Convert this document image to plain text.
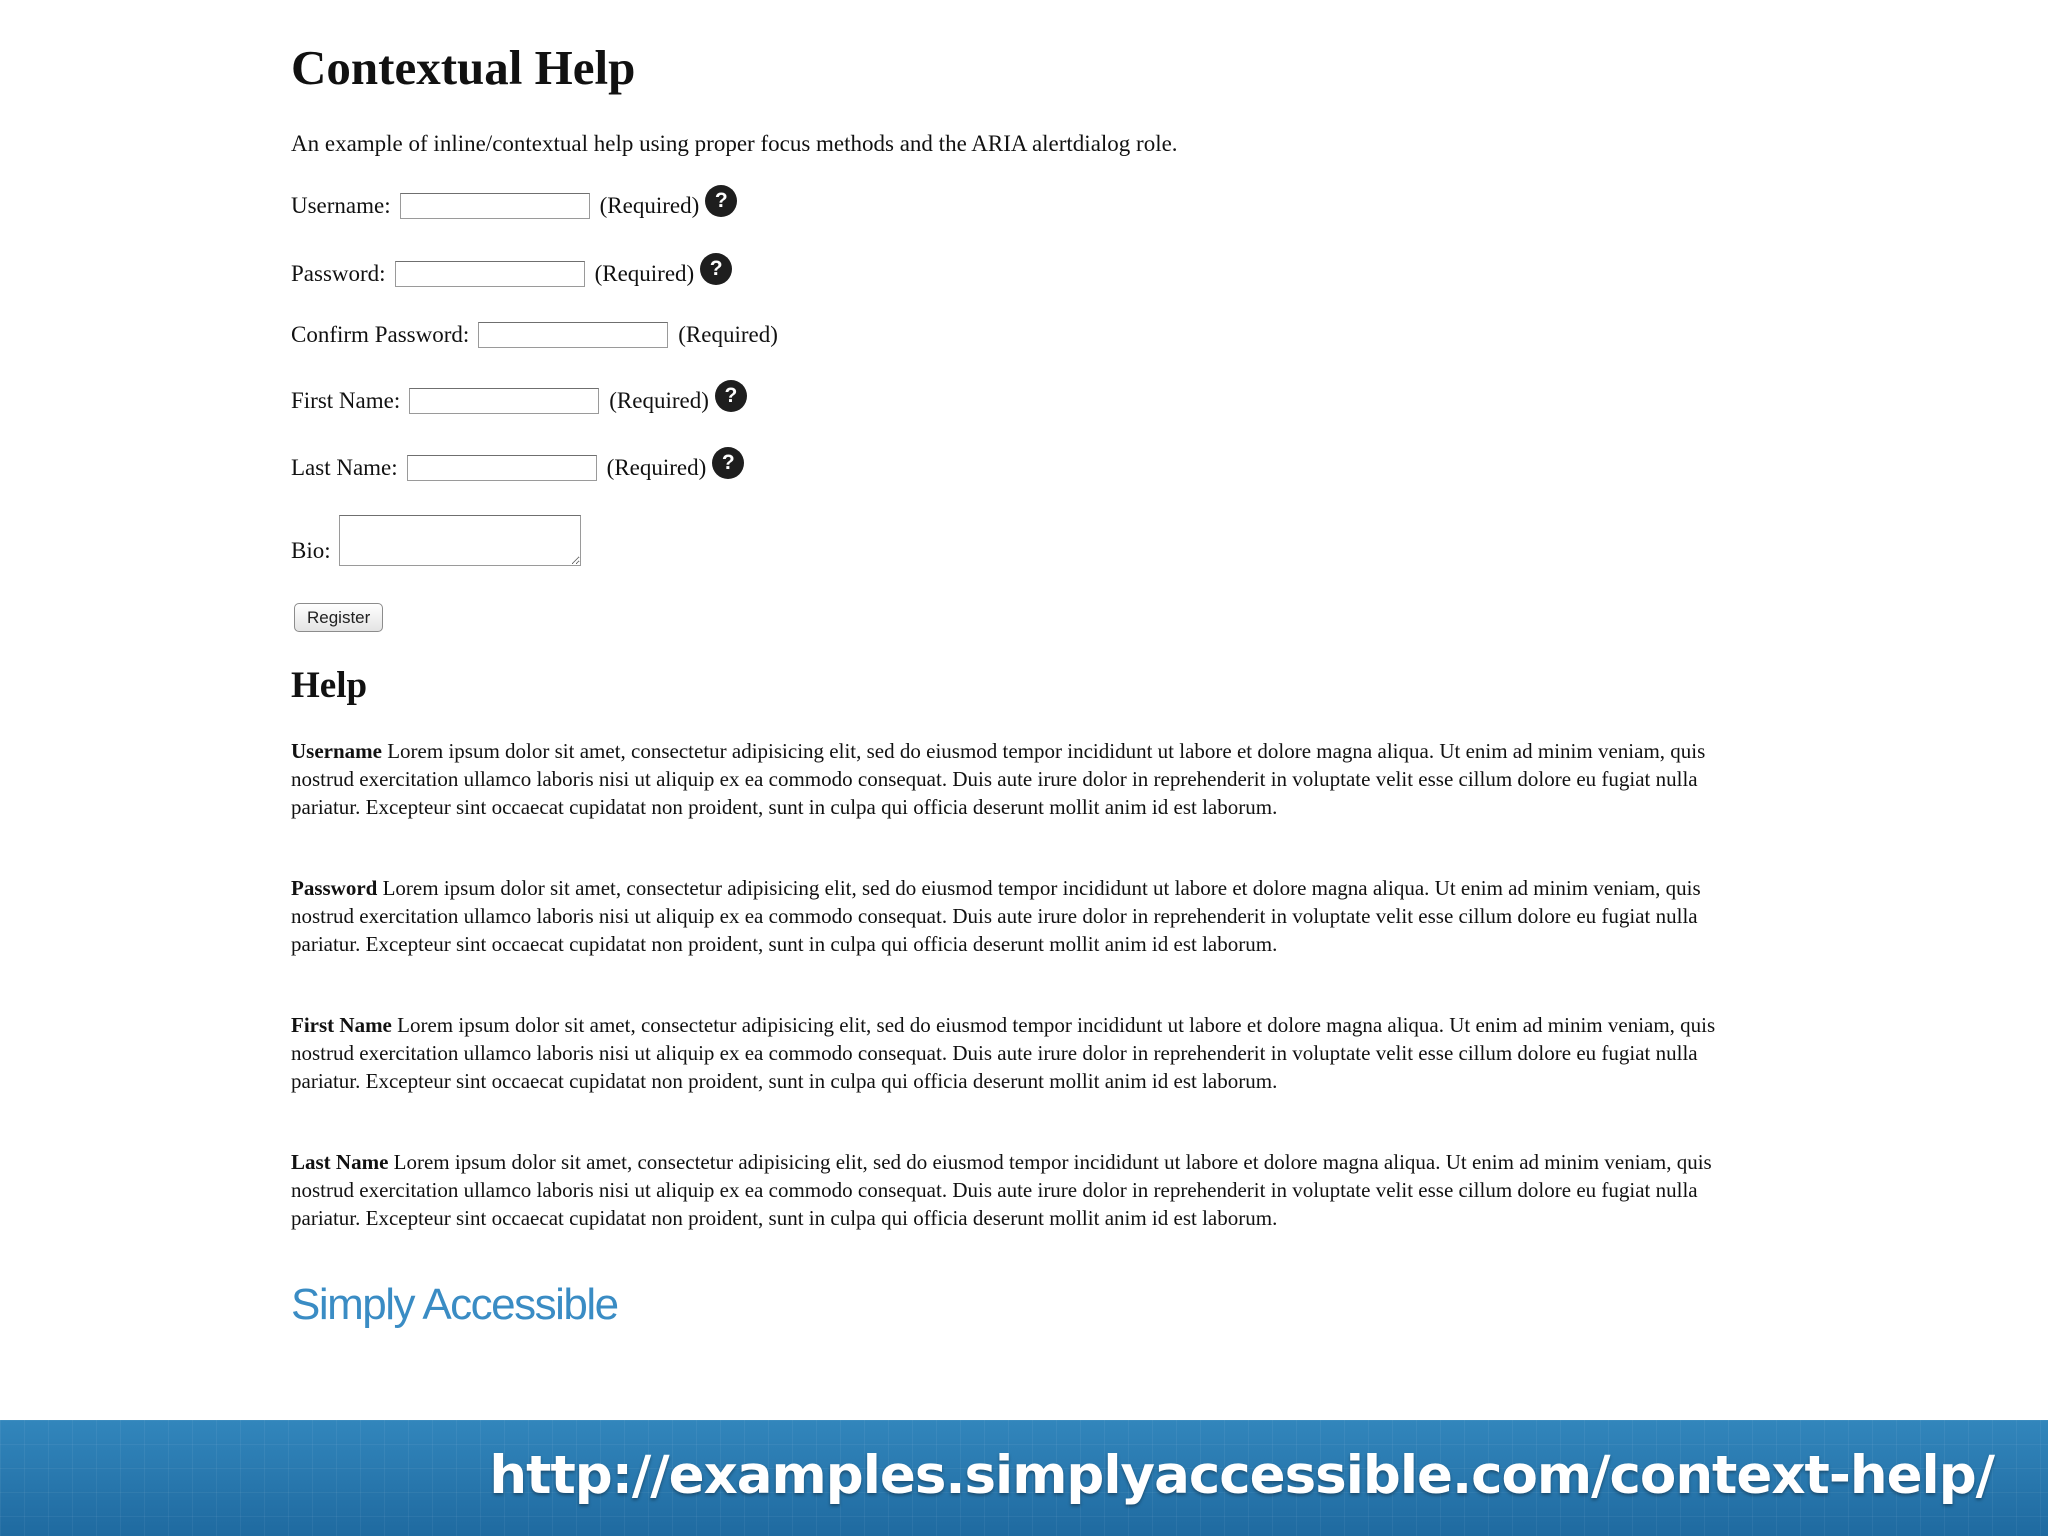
Contextual Help

An example of inline/contextual help using proper focus methods and the ARIA alertdialog role.

Username:	(Required) ?
Password:	(Required) ?
Confirm Password:	(Required)
First Name:	(Required) ?
Last Name:	(Required) ?
Bio:
Register
Help

Username Lorem ipsum dolor sit amet, consectetur adipisicing elit, sed do eiusmod tempor incididunt ut labore et dolore magna aliqua. Ut enim ad minim veniam, quis nostrud exercitation ullamco laboris nisi ut aliquip ex ea commodo consequat. Duis aute irure dolor in reprehenderit in voluptate velit esse cillum dolore eu fugiat nulla pariatur. Excepteur sint occaecat cupidatat non proident, sunt in culpa qui officia deserunt mollit anim id est laborum.

Password Lorem ipsum dolor sit amet, consectetur adipisicing elit, sed do eiusmod tempor incididunt ut labore et dolore magna aliqua. Ut enim ad minim veniam, quis nostrud exercitation ullamco laboris nisi ut aliquip ex ea commodo consequat. Duis aute irure dolor in reprehenderit in voluptate velit esse cillum dolore eu fugiat nulla pariatur. Excepteur sint occaecat cupidatat non proident, sunt in culpa qui officia deserunt mollit anim id est laborum.

First Name Lorem ipsum dolor sit amet, consectetur adipisicing elit, sed do eiusmod tempor incididunt ut labore et dolore magna aliqua. Ut enim ad minim veniam, quis nostrud exercitation ullamco laboris nisi ut aliquip ex ea commodo consequat. Duis aute irure dolor in reprehenderit in voluptate velit esse cillum dolore eu fugiat nulla pariatur. Excepteur sint occaecat cupidatat non proident, sunt in culpa qui officia deserunt mollit anim id est laborum.

Last Name Lorem ipsum dolor sit amet, consectetur adipisicing elit, sed do eiusmod tempor incididunt ut labore et dolore magna aliqua. Ut enim ad minim veniam, quis nostrud exercitation ullamco laboris nisi ut aliquip ex ea commodo consequat. Duis aute irure dolor in reprehenderit in voluptate velit esse cillum dolore eu fugiat nulla pariatur. Excepteur sint occaecat cupidatat non proident, sunt in culpa qui officia deserunt mollit anim id est laborum.

Simply Accessible
http://examples.simplyaccessible.com/context-help/
